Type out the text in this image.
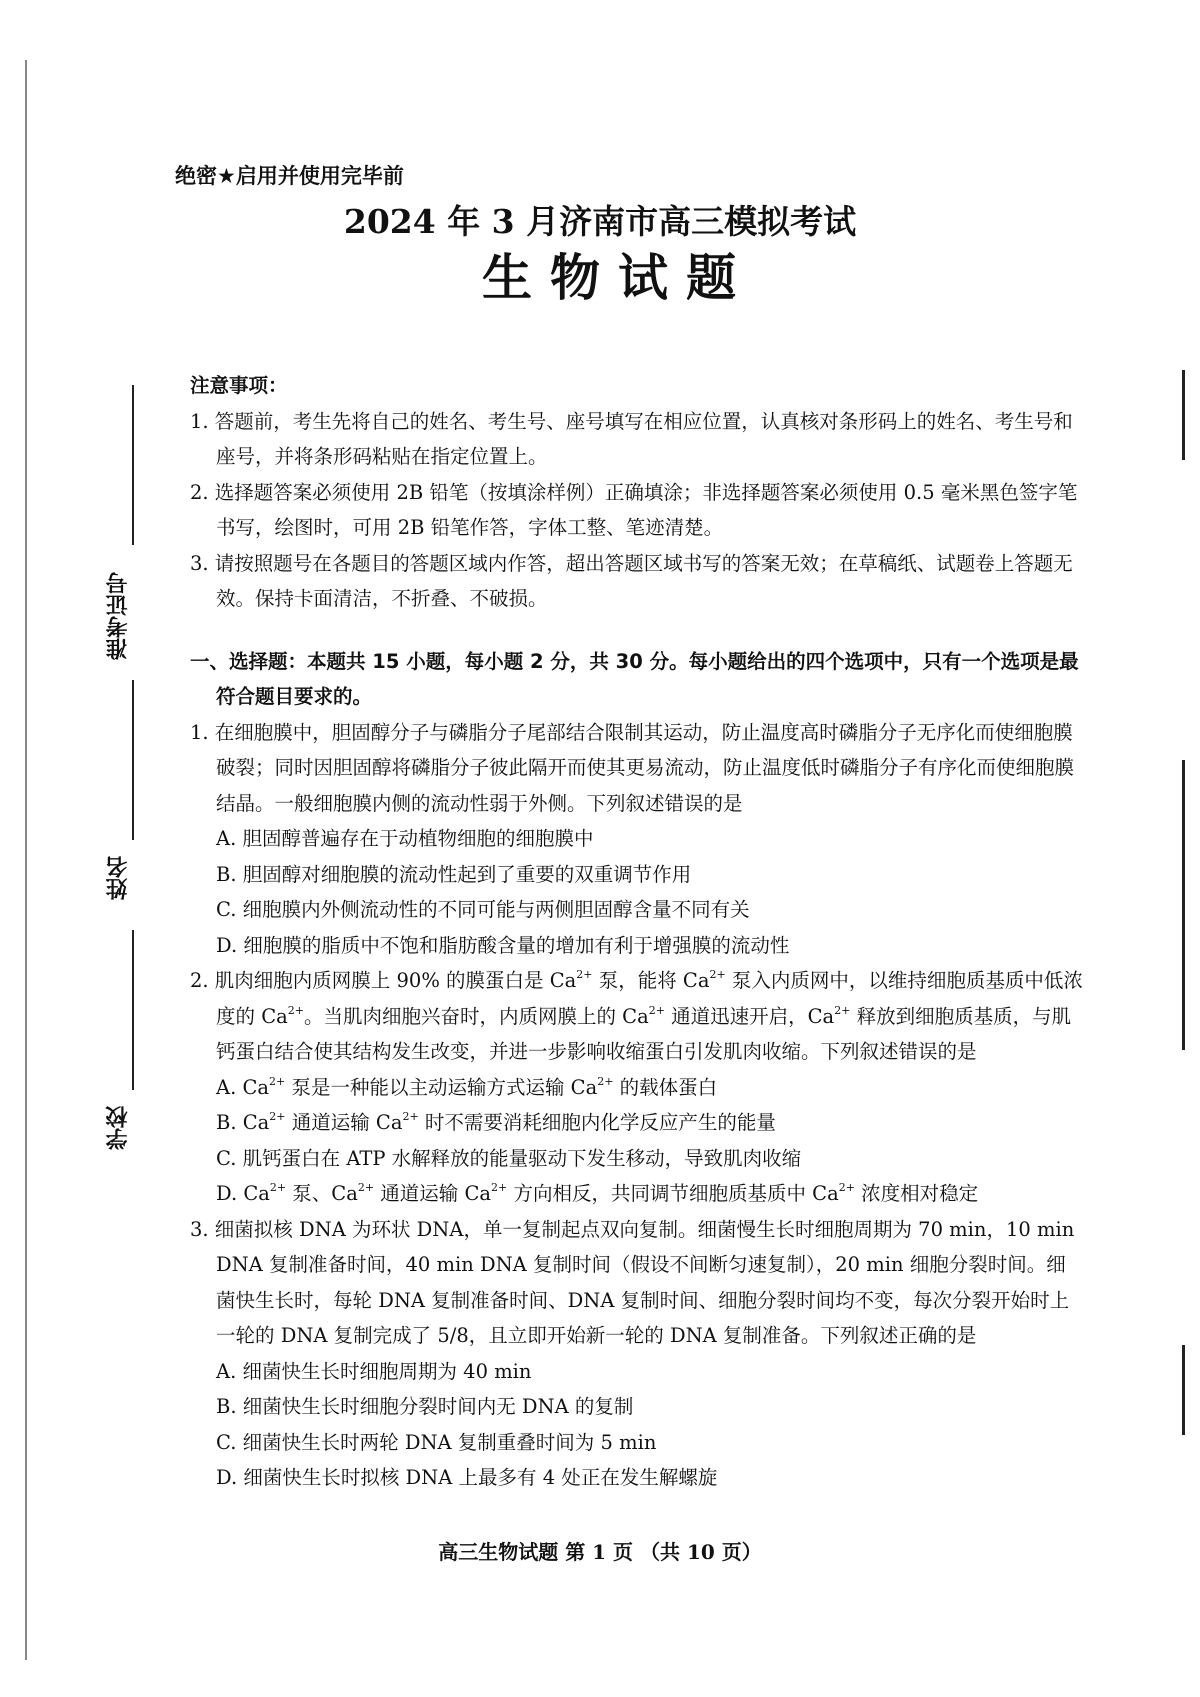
准考证号
姓名
学校
绝密★启用并使用完毕前
2024 年 3 月济南市高三模拟考试
生物试题
注意事项：
1. 答题前，考生先将自己的姓名、考生号、座号填写在相应位置，认真核对条形码上的姓名、考生号和座号，并将条形码粘贴在指定位置上。
2. 选择题答案必须使用 2B 铅笔（按填涂样例）正确填涂；非选择题答案必须使用 0.5 毫米黑色签字笔书写，绘图时，可用 2B 铅笔作答，字体工整、笔迹清楚。
3. 请按照题号在各题目的答题区域内作答，超出答题区域书写的答案无效；在草稿纸、试题卷上答题无效。保持卡面清洁，不折叠、不破损。
一、选择题：本题共 15 小题，每小题 2 分，共 30 分。每小题给出的四个选项中，只有一个选项是最符合题目要求的。
1. 在细胞膜中，胆固醇分子与磷脂分子尾部结合限制其运动，防止温度高时磷脂分子无序化而使细胞膜破裂；同时因胆固醇将磷脂分子彼此隔开而使其更易流动，防止温度低时磷脂分子有序化而使细胞膜结晶。一般细胞膜内侧的流动性弱于外侧。下列叙述错误的是
A. 胆固醇普遍存在于动植物细胞的细胞膜中
B. 胆固醇对细胞膜的流动性起到了重要的双重调节作用
C. 细胞膜内外侧流动性的不同可能与两侧胆固醇含量不同有关
D. 细胞膜的脂质中不饱和脂肪酸含量的增加有利于增强膜的流动性
2. 肌肉细胞内质网膜上 90% 的膜蛋白是 $Ca^{2+}$ 泵，能将 $Ca^{2+}$ 泵入内质网中，以维持细胞质基质中低浓度的 $Ca^{2+}$。当肌肉细胞兴奋时，内质网膜上的 $Ca^{2+}$ 通道迅速开启，$Ca^{2+}$ 释放到细胞质基质，与肌钙蛋白结合使其结构发生改变，并进一步影响收缩蛋白引发肌肉收缩。下列叙述错误的是
A. $Ca^{2+}$ 泵是一种能以主动运输方式运输 $Ca^{2+}$ 的载体蛋白
B. $Ca^{2+}$ 通道运输 $Ca^{2+}$ 时不需要消耗细胞内化学反应产生的能量
C. 肌钙蛋白在 ATP 水解释放的能量驱动下发生移动，导致肌肉收缩
D. $Ca^{2+}$ 泵、$Ca^{2+}$ 通道运输 $Ca^{2+}$ 方向相反，共同调节细胞质基质中 $Ca^{2+}$ 浓度相对稳定
3. 细菌拟核 DNA 为环状 DNA，单一复制起点双向复制。细菌慢生长时细胞周期为 70 min，10 min DNA 复制准备时间，40 min DNA 复制时间（假设不间断匀速复制），20 min 细胞分裂时间。细菌快生长时，每轮 DNA 复制准备时间、DNA 复制时间、细胞分裂时间均不变，每次分裂开始时上一轮的 DNA 复制完成了 5/8，且立即开始新一轮的 DNA 复制准备。下列叙述正确的是
A. 细菌快生长时细胞周期为 40 min
B. 细菌快生长时细胞分裂时间内无 DNA 的复制
C. 细菌快生长时两轮 DNA 复制重叠时间为 5 min
D. 细菌快生长时拟核 DNA 上最多有 4 处正在发生解螺旋
高三生物试题 第 1 页 （共 10 页）
